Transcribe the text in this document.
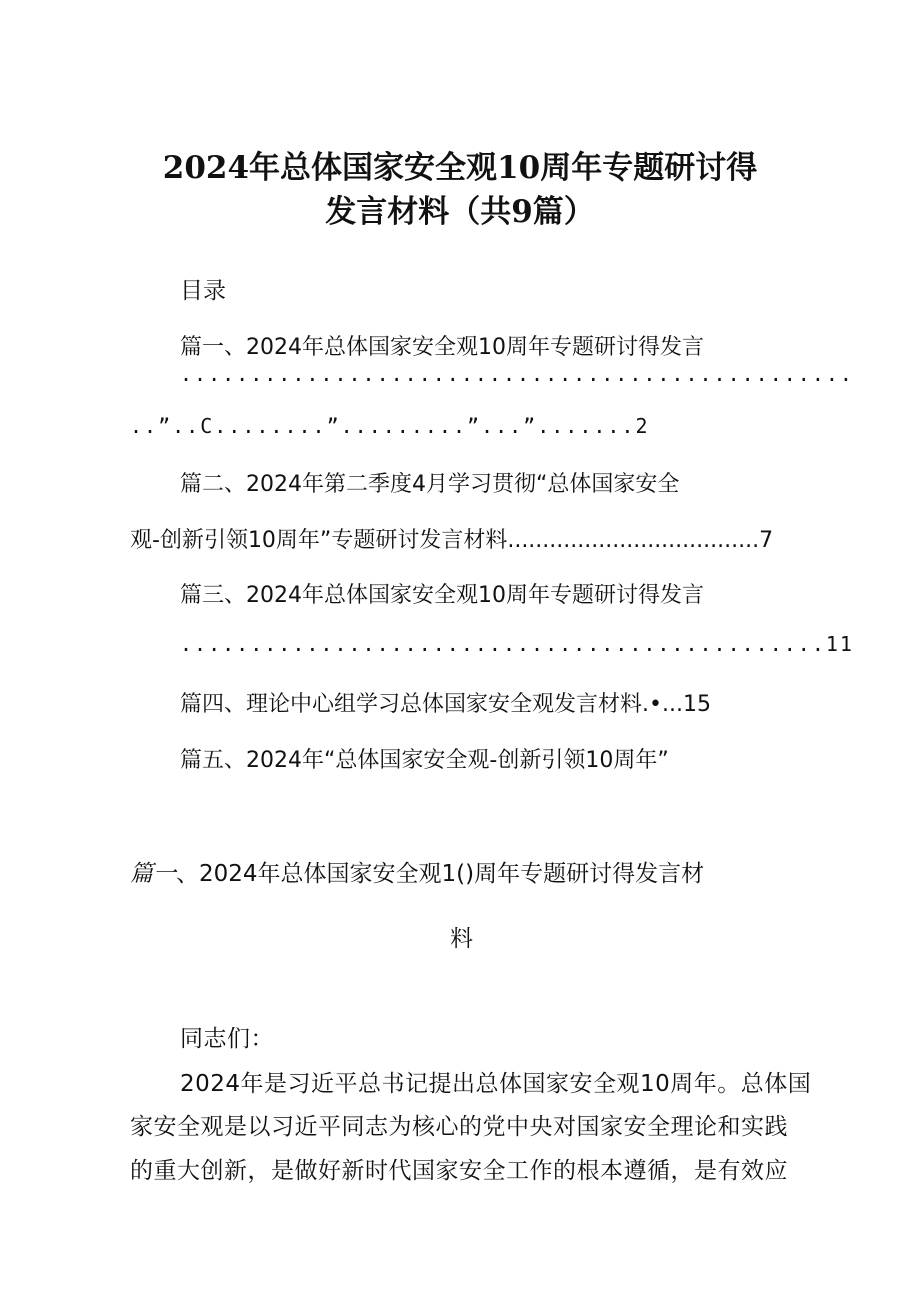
2024年总体国家安全观10周年专题研讨得
发言材料（共9篇）
目录
篇一、2024年总体国家安全观10周年专题研讨得发言
................................................
..”..C........”.........”...”.......2
篇二、2024年第二季度4月学习贯彻“总体国家安全
观-创新引领10周年”专题研讨发言材料....................................7
篇三、2024年总体国家安全观10周年专题研讨得发言
..............................................11
篇四、理论中心组学习总体国家安全观发言材料.•...15
篇五、2024年“总体国家安全观-创新引领10周年”
篇一、2024年总体国家安全观1()周年专题研讨得发言材
料
同志们：
2024年是习近平总书记提出总体国家安全观10周年。总体国
家安全观是以习近平同志为核心的党中央对国家安全理论和实践
的重大创新，是做好新时代国家安全工作的根本遵循，是有效应
